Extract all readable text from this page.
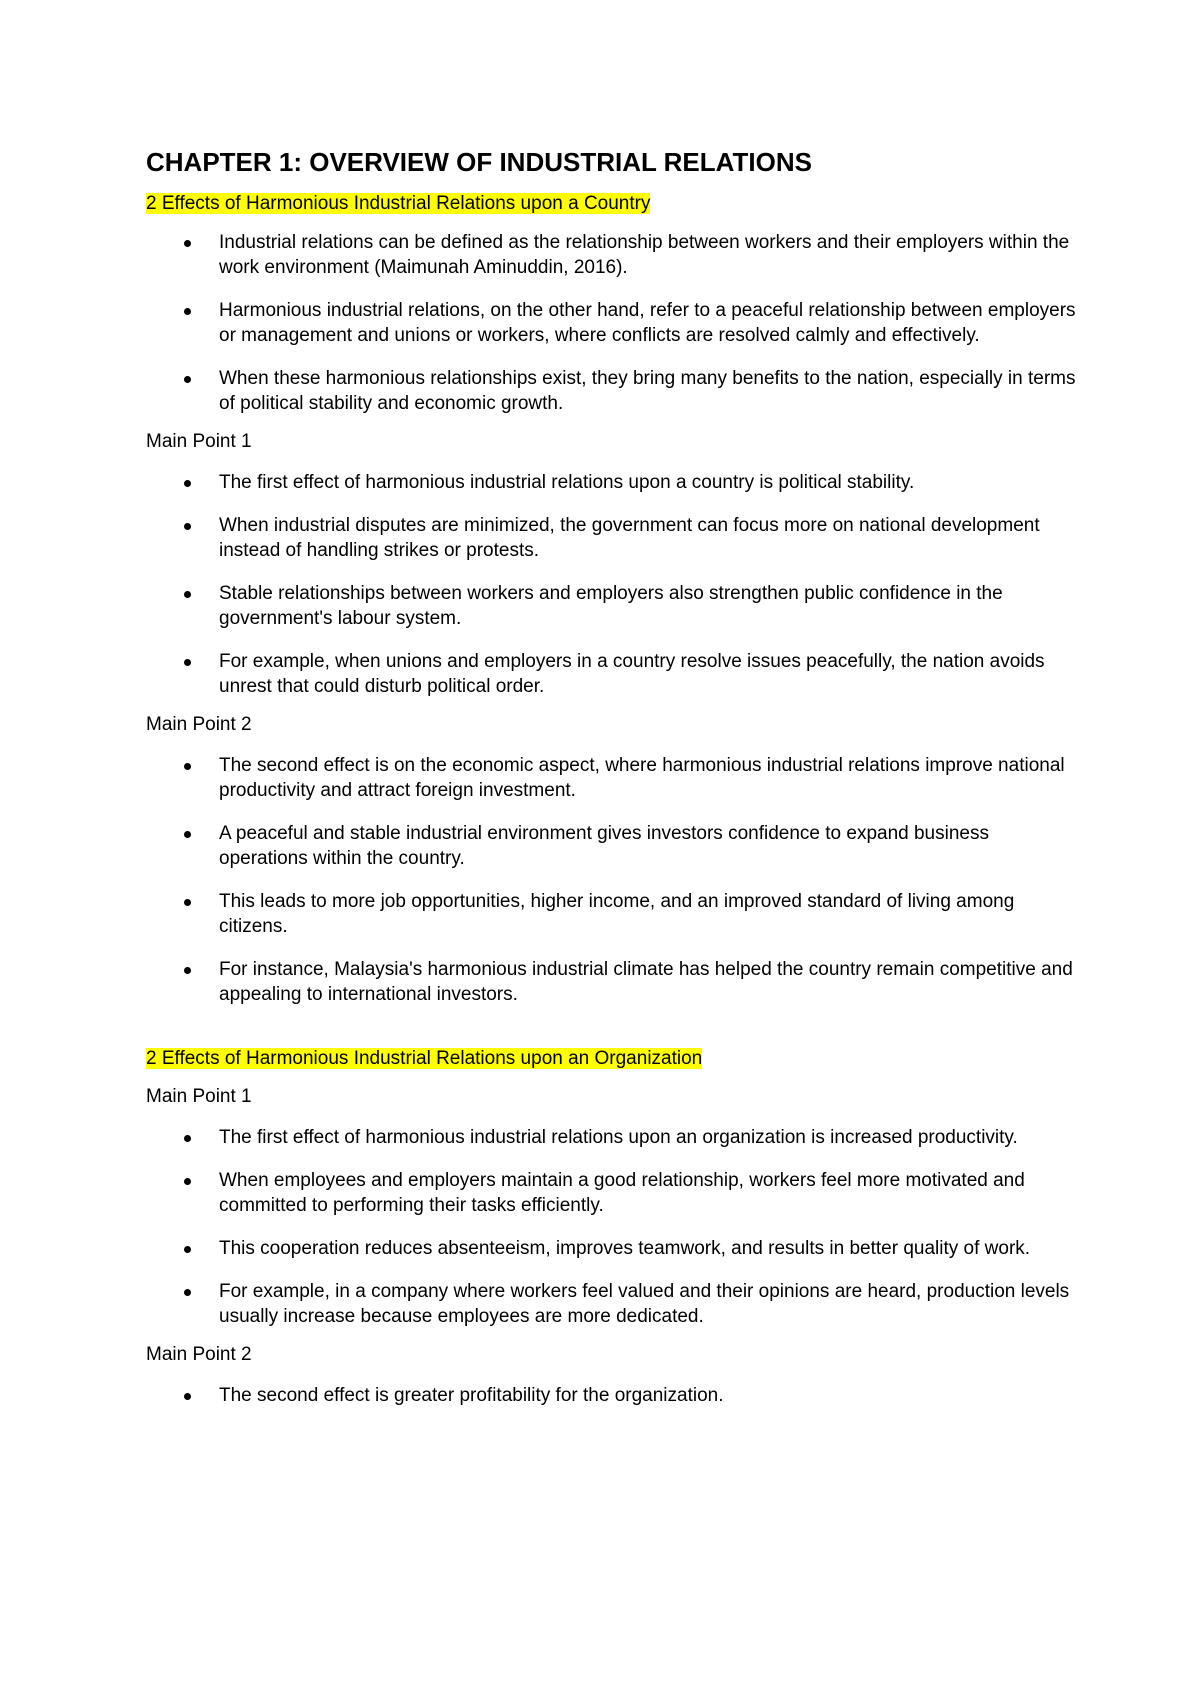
CHAPTER 1: OVERVIEW OF INDUSTRIAL RELATIONS
2 Effects of Harmonious Industrial Relations upon a Country
Industrial relations can be defined as the relationship between workers and their employers within the work environment (Maimunah Aminuddin, 2016).
Harmonious industrial relations, on the other hand, refer to a peaceful relationship between employers or management and unions or workers, where conflicts are resolved calmly and effectively.
When these harmonious relationships exist, they bring many benefits to the nation, especially in terms of political stability and economic growth.
Main Point 1
The first effect of harmonious industrial relations upon a country is political stability.
When industrial disputes are minimized, the government can focus more on national development instead of handling strikes or protests.
Stable relationships between workers and employers also strengthen public confidence in the government's labour system.
For example, when unions and employers in a country resolve issues peacefully, the nation avoids unrest that could disturb political order.
Main Point 2
The second effect is on the economic aspect, where harmonious industrial relations improve national productivity and attract foreign investment.
A peaceful and stable industrial environment gives investors confidence to expand business operations within the country.
This leads to more job opportunities, higher income, and an improved standard of living among citizens.
For instance, Malaysia's harmonious industrial climate has helped the country remain competitive and appealing to international investors.
2 Effects of Harmonious Industrial Relations upon an Organization
Main Point 1
The first effect of harmonious industrial relations upon an organization is increased productivity.
When employees and employers maintain a good relationship, workers feel more motivated and committed to performing their tasks efficiently.
This cooperation reduces absenteeism, improves teamwork, and results in better quality of work.
For example, in a company where workers feel valued and their opinions are heard, production levels usually increase because employees are more dedicated.
Main Point 2
The second effect is greater profitability for the organization.
